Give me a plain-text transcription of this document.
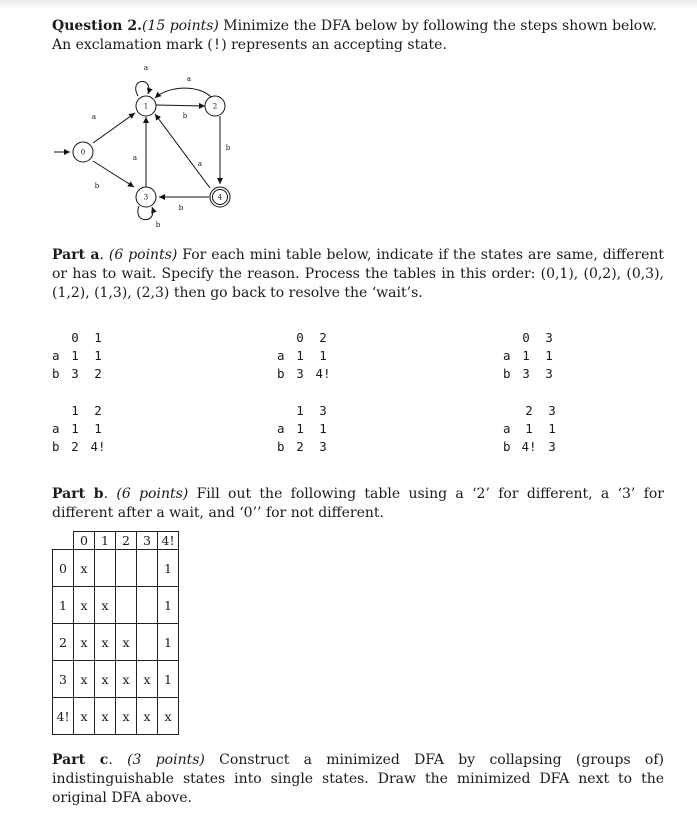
Question 2.(15 points) Minimize the DFA below by following the steps shown below.
An exclamation mark (!) represents an accepting state.
0
1	2
3	4
a
b
a
b
a
b
a
a
b
b
Part a. (6 points) For each mini table below, indicate if the states are same, different or has to wait. Specify the reason. Process the tables in this order: (0,1), (0,2), (0,3), (1,2), (1,3), (2,3) then go back to resolve the ‘wait’s.
0 1
a 1 1
b 3 2
0 2
a 1 1
b 3 4!
0 3
a 1 1
b 3 3
1 2
a 1 1
b 2 4!
1 3
a 1 1
b 2 3
2 3
a 1 1
b 4! 3
Part b. (6 points) Fill out the following table using a ‘2’ for different, a ‘3’ for different after a wait, and ‘0’’ for not different.
	0	1	2	3	4!
0	x				1
1	x	x			1
2	x	x	x		1
3	x	x	x	x	1
4!	x	x	x	x	x
Part c. (3 points) Construct a minimized DFA by collapsing (groups of) indistinguishable states into single states. Draw the minimized DFA next to the original DFA above.
